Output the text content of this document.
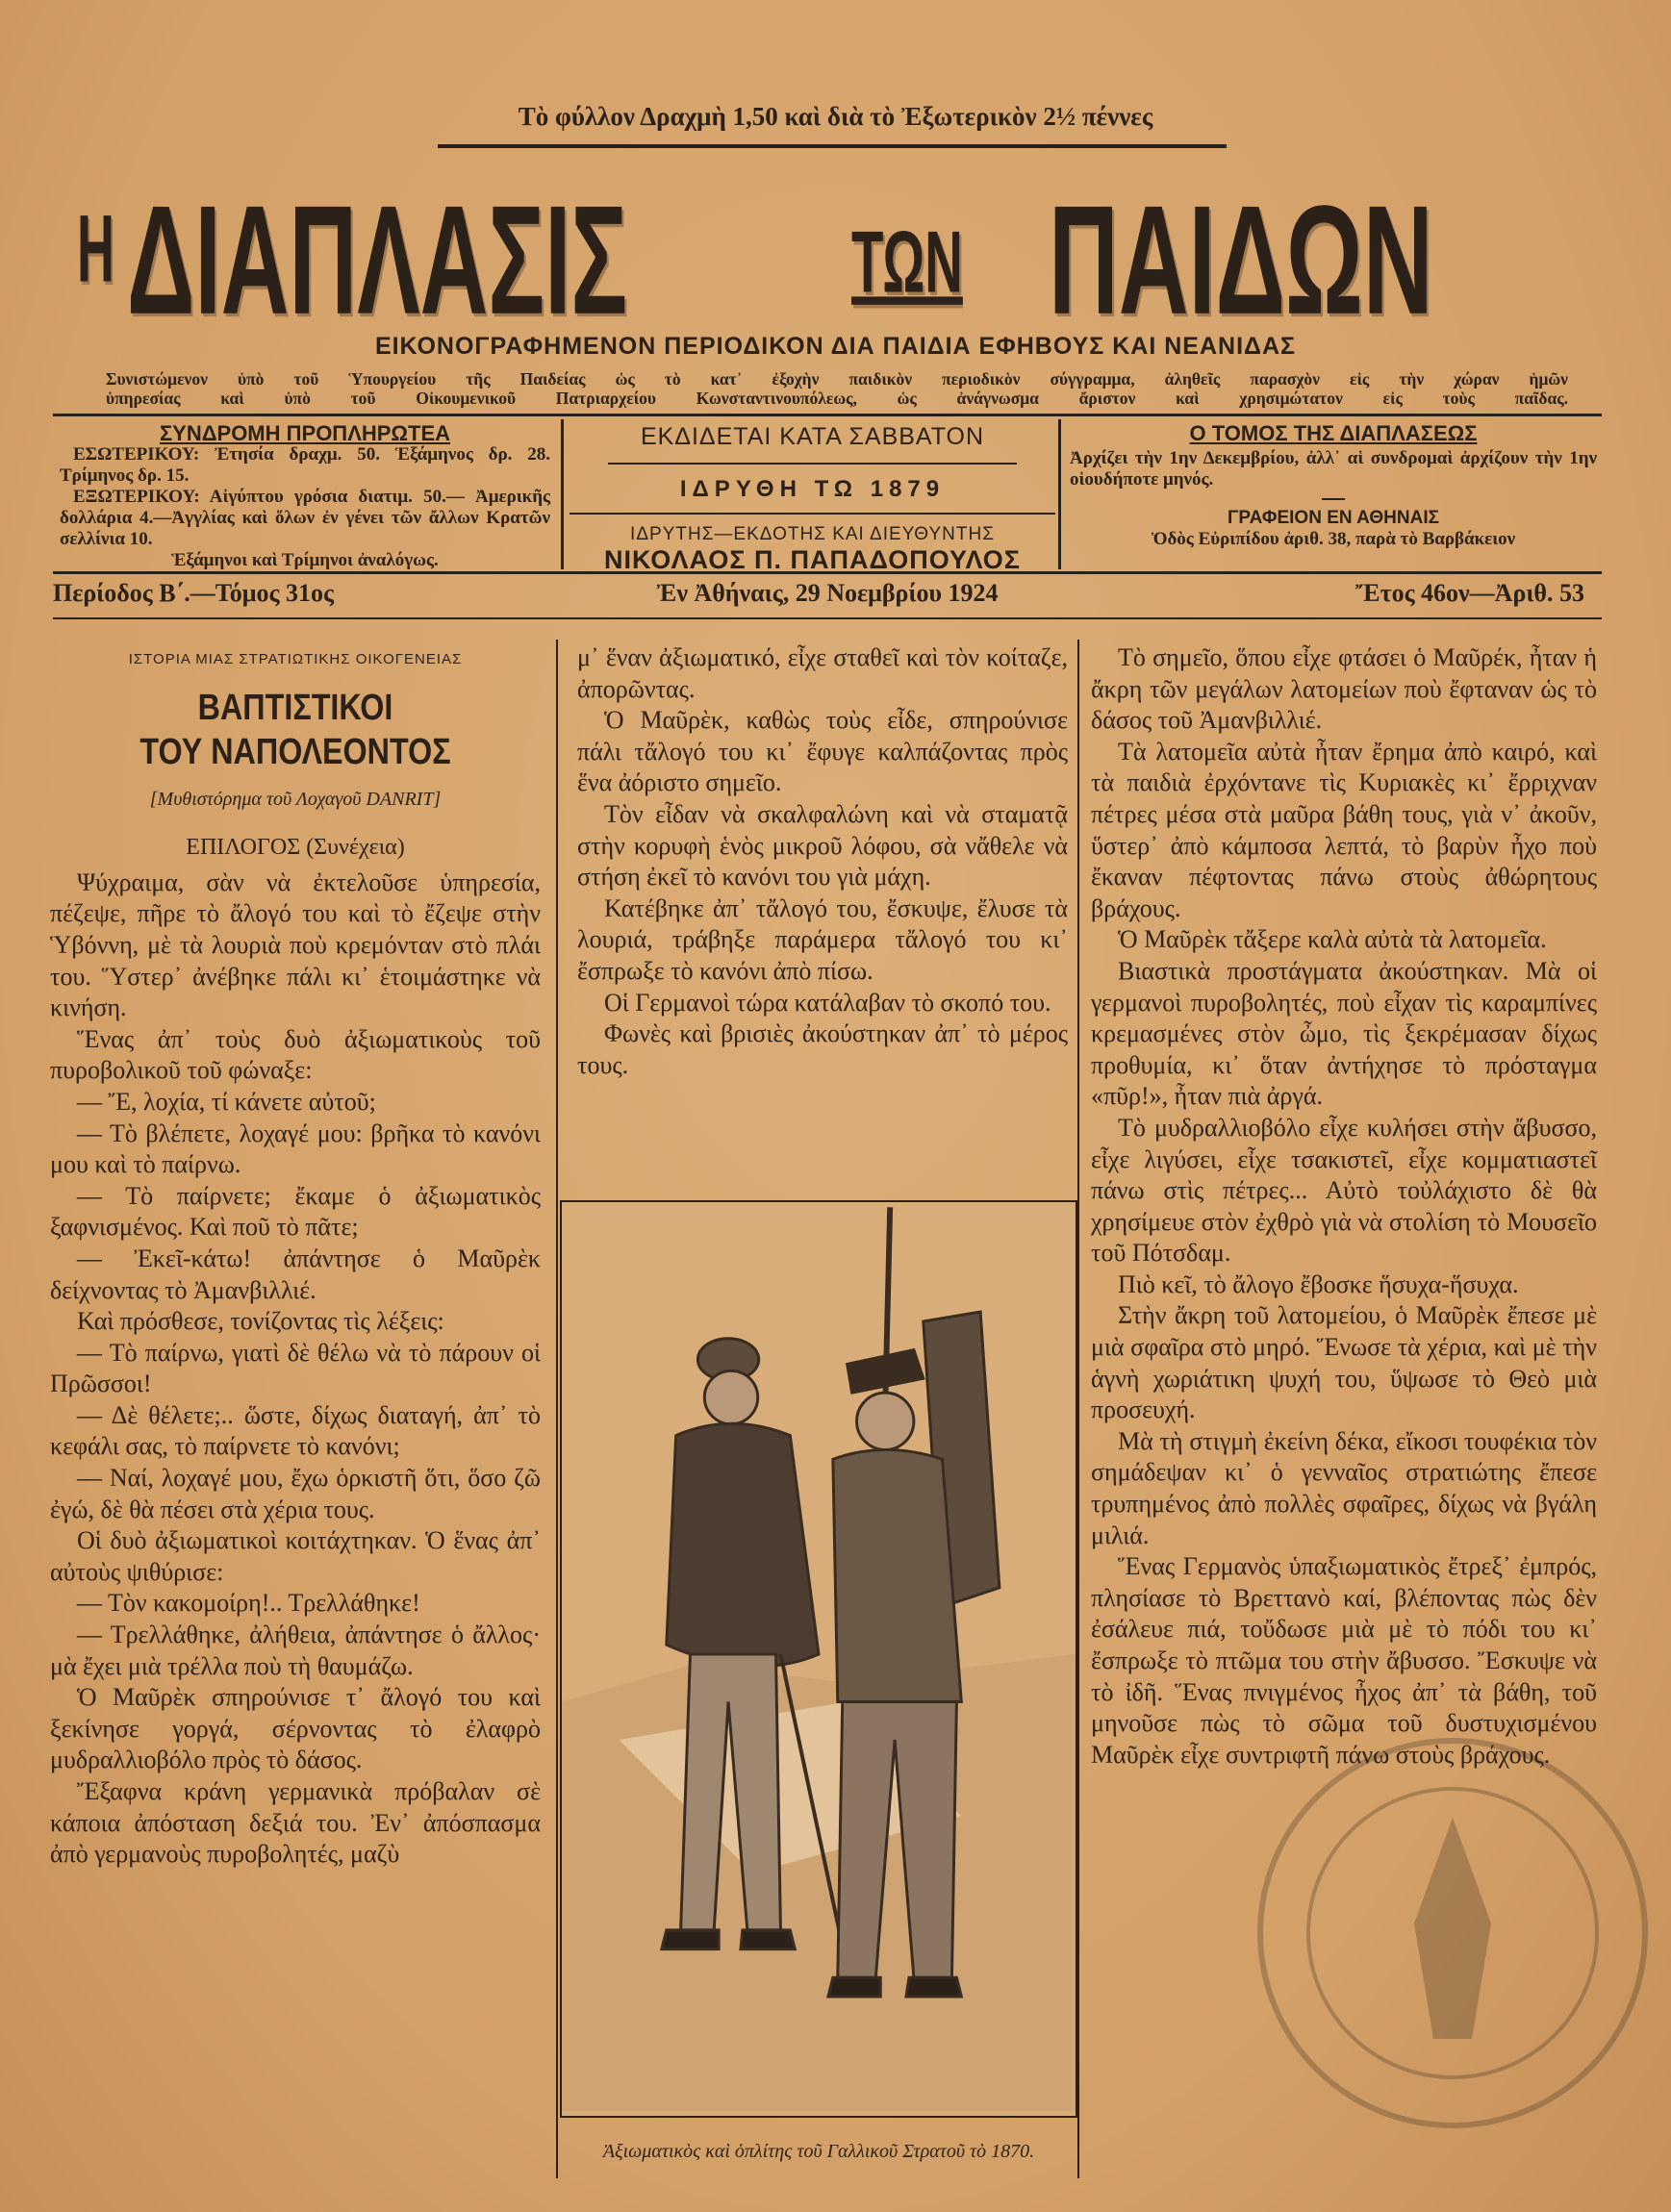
Τὸ φύλλον Δραχμὴ 1,50 καὶ διὰ τὸ Ἐξωτερικὸν 2½ πέννες
Η ΔΙΑΠΛΑΣΙΣ	ΤΩΝ ΠΑΙΔΩΝ
ΕΙΚΟΝΟΓΡΑΦΗΜΕΝΟΝ ΠΕΡΙΟΔΙΚΟΝ ΔΙΑ ΠΑΙΔΙΑ ΕΦΗΒΟΥΣ ΚΑΙ ΝΕΑΝΙΔΑΣ
Συνιστώμενον ὑπὸ τοῦ Ὑπουργείου τῆς Παιδείας ὡς τὸ κατ᾽ ἐξοχὴν παιδικὸν περιοδικὸν σύγγραμμα, ἀληθεῖς παρασχὸν εἰς τὴν χώραν ἡμῶν
ὑπηρεσίας καὶ ὑπὸ τοῦ Οἰκουμενικοῦ Πατριαρχείου Κωνσταντινουπόλεως, ὡς ἀνάγνωσμα ἄριστον καὶ χρησιμώτατον εἰς τοὺς παῖδας.
ΣΥΝΔΡΟΜΗ ΠΡΟΠΛΗΡΩΤΕΑ
ΕΣΩΤΕΡΙΚΟΥ: Ἐτησία δραχμ. 50. Ἑξάμηνος δρ. 28. Τρίμηνος δρ. 15.
ΕΞΩΤΕΡΙΚΟΥ: Αἰγύπτου γρόσια διατιμ. 50.— Ἀμερικῆς δολλάρια 4.—Ἀγγλίας καὶ ὅλων ἐν γένει τῶν ἄλλων Κρατῶν σελλίνια 10.
Ἑξάμηνοι καὶ Τρίμηνοι ἀναλόγως.
ΕΚΔΙΔΕΤΑΙ ΚΑΤΑ ΣΑΒΒΑΤΟΝ
ΙΔΡΥΘΗ ΤΩ 1879
ΙΔΡΥΤΗΣ—ΕΚΔΟΤΗΣ ΚΑΙ ΔΙΕΥΘΥΝΤΗΣ
ΝΙΚΟΛΑΟΣ Π. ΠΑΠΑΔΟΠΟΥΛΟΣ
Ο ΤΟΜΟΣ ΤΗΣ ΔΙΑΠΛΑΣΕΩΣ
Ἀρχίζει τὴν 1ην Δεκεμβρίου, ἀλλ᾽ αἱ συνδρομαὶ ἀρχίζουν τὴν 1ην οἱουδήποτε μηνός.
ΓΡΑΦΕΙΟΝ ΕΝ ΑΘΗΝΑΙΣ
Ὁδὸς Εὐριπίδου ἀριθ. 38, παρὰ τὸ Βαρβάκειον
Περίοδος Β΄.—Τόμος 31ος	Ἐν Ἀθήναις, 29 Νοεμβρίου 1924	Ἔτος 46ον—Ἀριθ. 53
ΙΣΤΟΡΙΑ ΜΙΑΣ ΣΤΡΑΤΙΩΤΙΚΗΣ ΟΙΚΟΓΕΝΕΙΑΣ
ΒΑΠΤΙΣΤΙΚΟΙ
ΤΟΥ ΝΑΠΟΛΕΟΝΤΟΣ
[Μυθιστόρημα τοῦ Λοχαγοῦ DANRIT]
ΕΠΙΛΟΓΟΣ (Συνέχεια)

Ψύχραιμα, σὰν νὰ ἐκτελοῦσε ὑπηρεσία, πέζεψε, πῆρε τὸ ἄλογό του καὶ τὸ ἔζεψε στὴν Ὑβόννη, μὲ τὰ λουριὰ ποὺ κρεμόνταν στὸ πλάι του. Ὕστερ᾽ ἀνέβηκε πάλι κι᾽ ἑτοιμάστηκε νὰ κινήση.

Ἕνας ἀπ᾽ τοὺς δυὸ ἀξιωματικοὺς τοῦ πυροβολικοῦ τοῦ φώναξε:

— Ἔ, λοχία, τί κάνετε αὐτοῦ;

— Τὸ βλέπετε, λοχαγέ μου: βρῆκα τὸ κανόνι μου καὶ τὸ παίρνω.

— Τὸ παίρνετε; ἔκαμε ὁ ἀξιωματικὸς ξαφνισμένος. Καὶ ποῦ τὸ πᾶτε;

— Ἐκεῖ-κάτω! ἀπάντησε ὁ Μαῦρὲκ δείχνοντας τὸ Ἀμανβιλλιέ.

Καὶ πρόσθεσε, τονίζοντας τὶς λέξεις:

— Τὸ παίρνω, γιατὶ δὲ θέλω νὰ τὸ πάρουν οἱ Πρῶσσοι!

— Δὲ θέλετε;.. ὥστε, δίχως διαταγή, ἀπ᾽ τὸ κεφάλι σας, τὸ παίρνετε τὸ κανόνι;

— Ναί, λοχαγέ μου, ἔχω ὁρκιστῆ ὅτι, ὅσο ζῶ ἐγώ, δὲ θὰ πέσει στὰ χέρια τους.

Οἱ δυὸ ἀξιωματικοὶ κοιτάχτηκαν. Ὁ ἕνας ἀπ᾽ αὐτοὺς ψιθύρισε:

— Τὸν κακομοίρη!.. Τρελλάθηκε!

— Τρελλάθηκε, ἀλήθεια, ἀπάντησε ὁ ἄλλος· μὰ ἔχει μιὰ τρέλλα ποὺ τὴ θαυμάζω.

Ὁ Μαῦρὲκ σπηρούνισε τ᾽ ἄλογό του καὶ ξεκίνησε γοργά, σέρνοντας τὸ ἐλαφρὸ μυδραλλιοβόλο πρὸς τὸ δάσος.

Ἔξαφνα κράνη γερμανικὰ πρόβαλαν σὲ κάποια ἀπόσταση δεξιά του. Ἐν᾽ ἀπόσπασμα ἀπὸ γερμανοὺς πυροβολητές, μαζὺ

μ᾽ ἕναν ἀξιωματικό, εἶχε σταθεῖ καὶ τὸν κοίταζε, ἀπορῶντας.

Ὁ Μαῦρὲκ, καθὼς τοὺς εἶδε, σπηρούνισε πάλι τἄλογό του κι᾽ ἔφυγε καλπάζοντας πρὸς ἕνα ἀόριστο σημεῖο.

Τὸν εἶδαν νὰ σκαλφαλώνη καὶ νὰ σταματᾷ στὴν κορυφὴ ἑνὸς μικροῦ λόφου, σὰ νἄθελε νὰ στήση ἐκεῖ τὸ κανόνι του γιὰ μάχη.

Κατέβηκε ἀπ᾽ τἄλογό του, ἔσκυψε, ἔλυσε τὰ λουριά, τράβηξε παράμερα τἄλογό του κι᾽ ἔσπρωξε τὸ κανόνι ἀπὸ πίσω.

Οἱ Γερμανοὶ τώρα κατάλαβαν τὸ σκοπό του.

Φωνὲς καὶ βρισιὲς ἀκούστηκαν ἀπ᾽ τὸ μέρος τους.

Ἀξιωματικὸς καὶ ὁπλίτης τοῦ Γαλλικοῦ Στρατοῦ τὸ 1870.

Τὸ σημεῖο, ὅπου εἶχε φτάσει ὁ Μαῦρέκ, ἦταν ἡ ἄκρη τῶν μεγάλων λατομείων ποὺ ἔφταναν ὡς τὸ δάσος τοῦ Ἀμανβιλλιέ.

Τὰ λατομεῖα αὐτὰ ἦταν ἔρημα ἀπὸ καιρό, καὶ τὰ παιδιὰ ἐρχόντανε τὶς Κυριακὲς κι᾽ ἔρριχναν πέτρες μέσα στὰ μαῦρα βάθη τους, γιὰ ν᾽ ἀκοῦν, ὕστερ᾽ ἀπὸ κάμποσα λεπτά, τὸ βαρὺν ἦχο ποὺ ἔκαναν πέφτοντας πάνω στοὺς ἀθώρητους βράχους.

Ὁ Μαῦρὲκ τἄξερε καλὰ αὐτὰ τὰ λατομεῖα.

Βιαστικὰ προστάγματα ἀκούστηκαν. Μὰ οἱ γερμανοὶ πυροβολητές, ποὺ εἶχαν τὶς καραμπίνες κρεμασμένες στὸν ὦμο, τὶς ξεκρέμασαν δίχως προθυμία, κι᾽ ὅταν ἀντήχησε τὸ πρόσταγμα «πῦρ!», ἦταν πιὰ ἀργά.

Τὸ μυδραλλιοβόλο εἶχε κυλήσει στὴν ἄβυσσο, εἶχε λιγύσει, εἶχε τσακιστεῖ, εἶχε κομματιαστεῖ πάνω στὶς πέτρες... Αὐτὸ τοὐλάχιστο δὲ θὰ χρησίμευε στὸν ἐχθρὸ γιὰ νὰ στολίση τὸ Μουσεῖο τοῦ Πότσδαμ.

Πιὸ κεῖ, τὸ ἄλογο ἔβοσκε ἥσυχα-ἥσυχα.

Στὴν ἄκρη τοῦ λατομείου, ὁ Μαῦρὲκ ἔπεσε μὲ μιὰ σφαῖρα στὸ μηρό. Ἕνωσε τὰ χέρια, καὶ μὲ τὴν ἁγνὴ χωριάτικη ψυχή του, ὕψωσε τὸ Θεὸ μιὰ προσευχή.

Μὰ τὴ στιγμὴ ἐκείνη δέκα, εἴκοσι τουφέκια τὸν σημάδεψαν κι᾽ ὁ γενναῖος στρατιώτης ἔπεσε τρυπημένος ἀπὸ πολλὲς σφαῖρες, δίχως νὰ βγάλη μιλιά.

Ἕνας Γερμανὸς ὑπαξιωματικὸς ἔτρεξ᾽ ἐμπρός, πλησίασε τὸ Βρεττανὸ καί, βλέποντας πὼς δὲν ἐσάλευε πιά, τοὔδωσε μιὰ μὲ τὸ πόδι του κι᾽ ἔσπρωξε τὸ πτῶμα του στὴν ἄβυσσο. Ἔσκυψε νὰ τὸ ἰδῆ. Ἕνας πνιγμένος ἦχος ἀπ᾽ τὰ βάθη, τοῦ μηνοῦσε πὼς τὸ σῶμα τοῦ δυστυχισμένου Μαῦρὲκ εἶχε συντριφτῆ πάνω στοὺς βράχους.
